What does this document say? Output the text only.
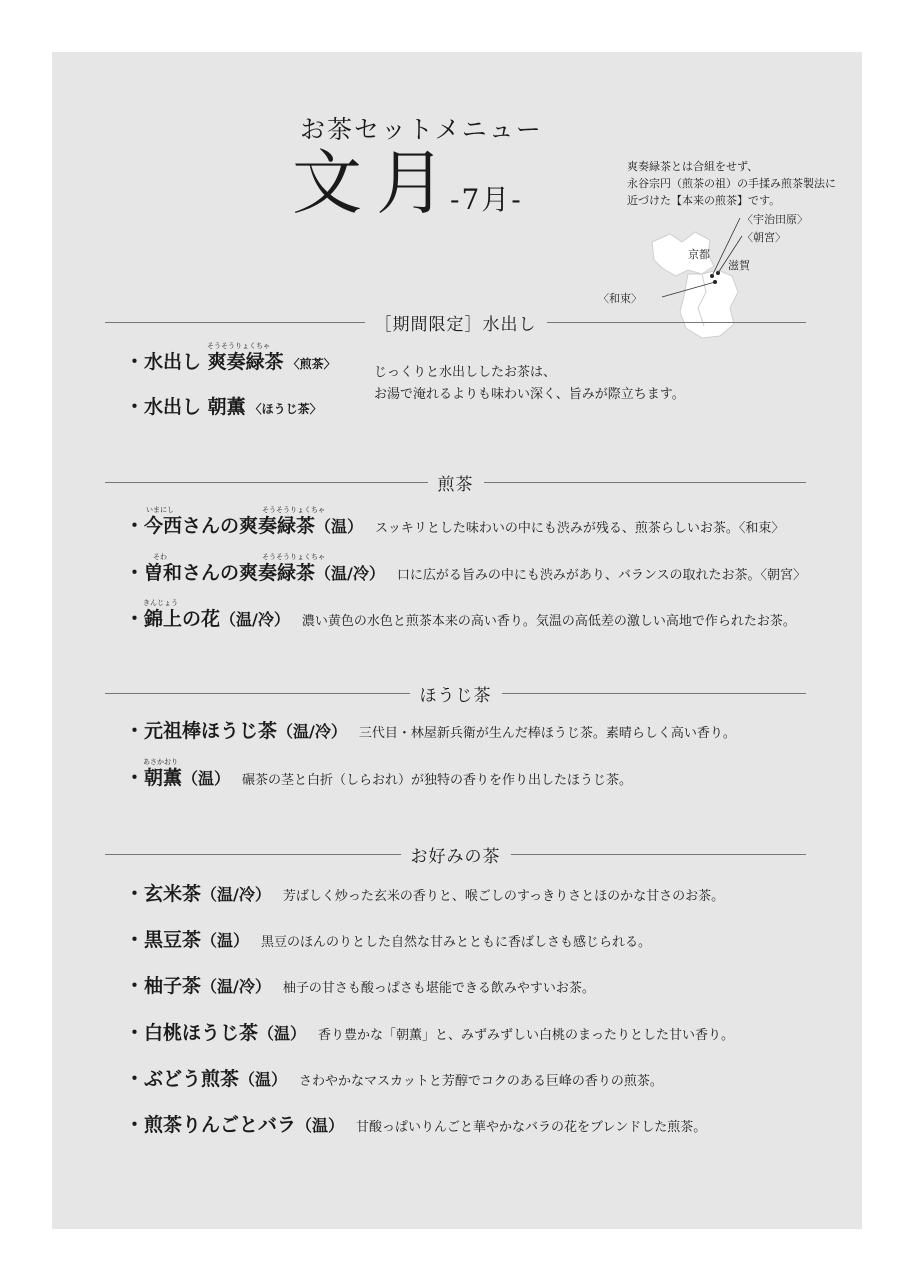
お茶セットメニュー
文月
-7月-
爽奏緑茶とは合組をせず、
永谷宗円（煎茶の祖）の手揉み煎茶製法に
近づけた【本来の煎茶】です。
〈宇治田原〉
〈朝宮〉
京都
滋賀
〈和束〉
［期間限定］水出し
そうそうりょくちゃ
・水出し 爽奏緑茶 〈煎茶〉
・水出し 朝薫 〈ほうじ茶〉
じっくりと水出ししたお茶は、
お湯で淹れるよりも味わい深く、旨みが際立ちます。
煎茶
いまにし	そうそうりょくちゃ
・今西さんの爽奏緑茶（温） スッキリとした味わいの中にも渋みが残る、煎茶らしいお茶。〈和束〉
そわ	そうそうりょくちゃ
・曽和さんの爽奏緑茶（温/冷） 口に広がる旨みの中にも渋みがあり、バランスの取れたお茶。〈朝宮〉
きんじょう
・錦上の花（温/冷） 濃い黄色の水色と煎茶本来の高い香り。気温の高低差の激しい高地で作られたお茶。
ほうじ茶
・元祖棒ほうじ茶（温/冷） 三代目・林屋新兵衛が生んだ棒ほうじ茶。素晴らしく高い香り。
あさかおり
・朝薫（温） 碾茶の茎と白折（しらおれ）が独特の香りを作り出したほうじ茶。
お好みの茶
・玄米茶（温/冷） 芳ばしく炒った玄米の香りと、喉ごしのすっきりさとほのかな甘さのお茶。
・黒豆茶（温） 黒豆のほんのりとした自然な甘みとともに香ばしさも感じられる。
・柚子茶（温/冷） 柚子の甘さも酸っぱさも堪能できる飲みやすいお茶。
・白桃ほうじ茶（温） 香り豊かな「朝薫」と、みずみずしい白桃のまったりとした甘い香り。
・ぶどう煎茶（温） さわやかなマスカットと芳醇でコクのある巨峰の香りの煎茶。
・煎茶りんごとバラ（温） 甘酸っぱいりんごと華やかなバラの花をブレンドした煎茶。
